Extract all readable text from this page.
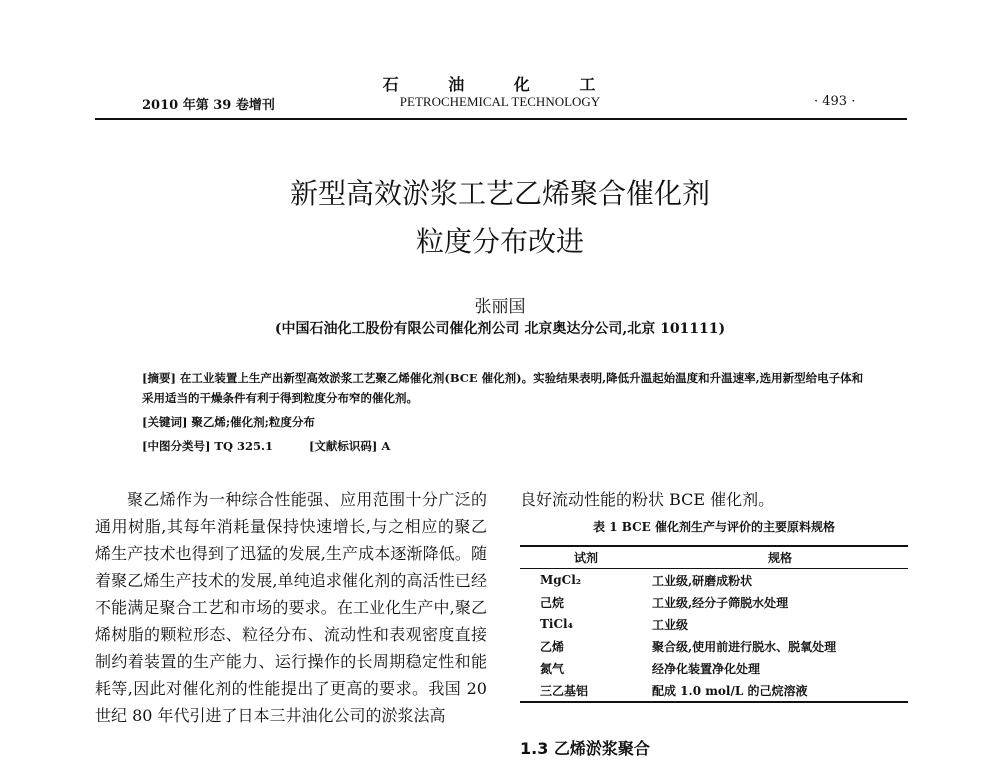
石 油 化 工
2010 年第 39 卷增刊	PETROCHEMICAL TECHNOLOGY	· 493 ·
新型高效淤浆工艺乙烯聚合催化剂
粒度分布改进
张丽国
(中国石油化工股份有限公司催化剂公司 北京奥达分公司,北京 101111)

[摘要] 在工业装置上生产出新型高效淤浆工艺聚乙烯催化剂(BCE 催化剂)。实验结果表明,降低升温起始温度和升温速率,选用新型给电子体和采用适当的干燥条件有利于得到粒度分布窄的催化剂。

[关键词] 聚乙烯;催化剂;粒度分布
[中图分类号] TQ 325.1	[文献标识码] A

聚乙烯作为一种综合性能强、应用范围十分广泛的通用树脂,其每年消耗量保持快速增长,与之相应的聚乙烯生产技术也得到了迅猛的发展,生产成本逐渐降低。随着聚乙烯生产技术的发展,单纯追求催化剂的高活性已经不能满足聚合工艺和市场的要求。在工业化生产中,聚乙烯树脂的颗粒形态、粒径分布、流动性和表观密度直接制约着装置的生产能力、运行操作的长周期稳定性和能耗等,因此对催化剂的性能提出了更高的要求。我国 20 世纪 80 年代引进了日本三井油化公司的淤浆法高

良好流动性能的粉状 BCE 催化剂。
表 1 BCE 催化剂生产与评价的主要原料规格
试剂	规格
MgCl₂	工业级,研磨成粉状
己烷	工业级,经分子筛脱水处理
TiCl₄	工业级
乙烯	聚合级,使用前进行脱水、脱氧处理
氮气	经净化装置净化处理
三乙基铝	配成 1.0 mol/L 的己烷溶液
1.3 乙烯淤浆聚合
